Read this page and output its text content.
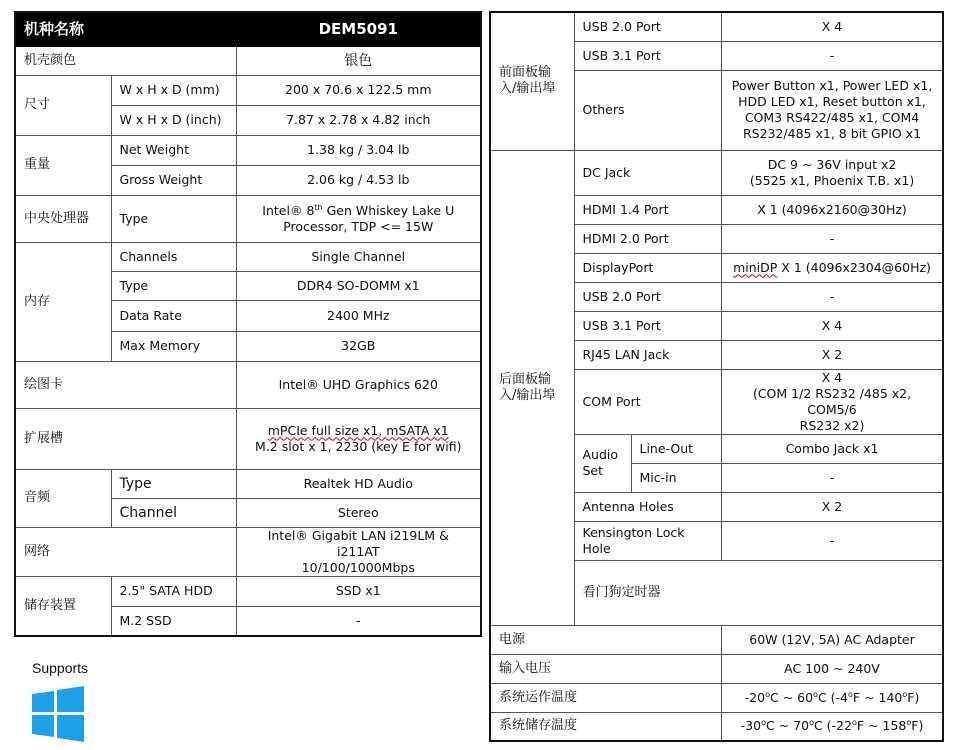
机种名称		DEM5091
机壳颜色		银色
尺寸	W x H x D (mm)	200 x 70.6 x 122.5 mm
	W x H x D (inch)	7.87 x 2.78 x 4.82 inch
重量	Net Weight	1.38 kg / 3.04 lb
	Gross Weight	2.06 kg / 4.53 lb
中央处理器	Type	Intel® 8th Gen Whiskey Lake U
Processor, TDP <= 15W
内存	Channels	Single Channel
	Type	DDR4 SO-DOMM x1
	Data Rate	2400 MHz
	Max Memory	32GB
绘图卡		Intel® UHD Graphics 620
扩展槽		mPCIe full size x1, mSATA x1
M.2 slot x 1, 2230 (key E for wifi)
音频	Type	Realtek HD Audio
	Channel	Stereo
网络		Intel® Gigabit LAN i219LM & i211AT
10/100/1000Mbps
储存装置	2.5" SATA HDD	SSD x1
	M.2 SSD	-
前面板输入/输出埠	USB 2.0 Port		X 4	
	USB 3.1 Port		-	
	Others		Power Button x1, Power LED x1,
HDD LED x1, Reset button x1,
COM3 RS422/485 x1, COM4
RS232/485 x1, 8 bit GPIO x1	
后面板输入/输出埠	DC Jack		DC 9 ~ 36V input x2
(5525 x1, Phoenix T.B. x1)	
	HDMI 1.4 Port		X 1 (4096x2160@30Hz)	
	HDMI 2.0 Port		-	
	DisplayPort		miniDP X 1 (4096x2304@60Hz)	
	USB 2.0 Port		-	
	USB 3.1 Port		X 4	
	RJ45 LAN Jack		X 2	
	COM Port		X 4
(COM 1/2 RS232 /485 x2, COM5/6
RS232 x2)	
	Audio Set	Line-Out	Combo Jack x1	
		Mic-in	-	
	Antenna Holes		X 2	
	Kensington Lock Hole		-	
	看门狗定时器	
电源			60W (12V, 5A) AC Adapter	
输入电压			AC 100 ~ 240V	
系统运作温度			-20$^o$C ~ 60$^o$C (-4$^o$F ~ 140$^o$F)	
系统储存温度			-30$^o$C ~ 70$^o$C (-22$^o$F ~ 158$^o$F)	
Supports
